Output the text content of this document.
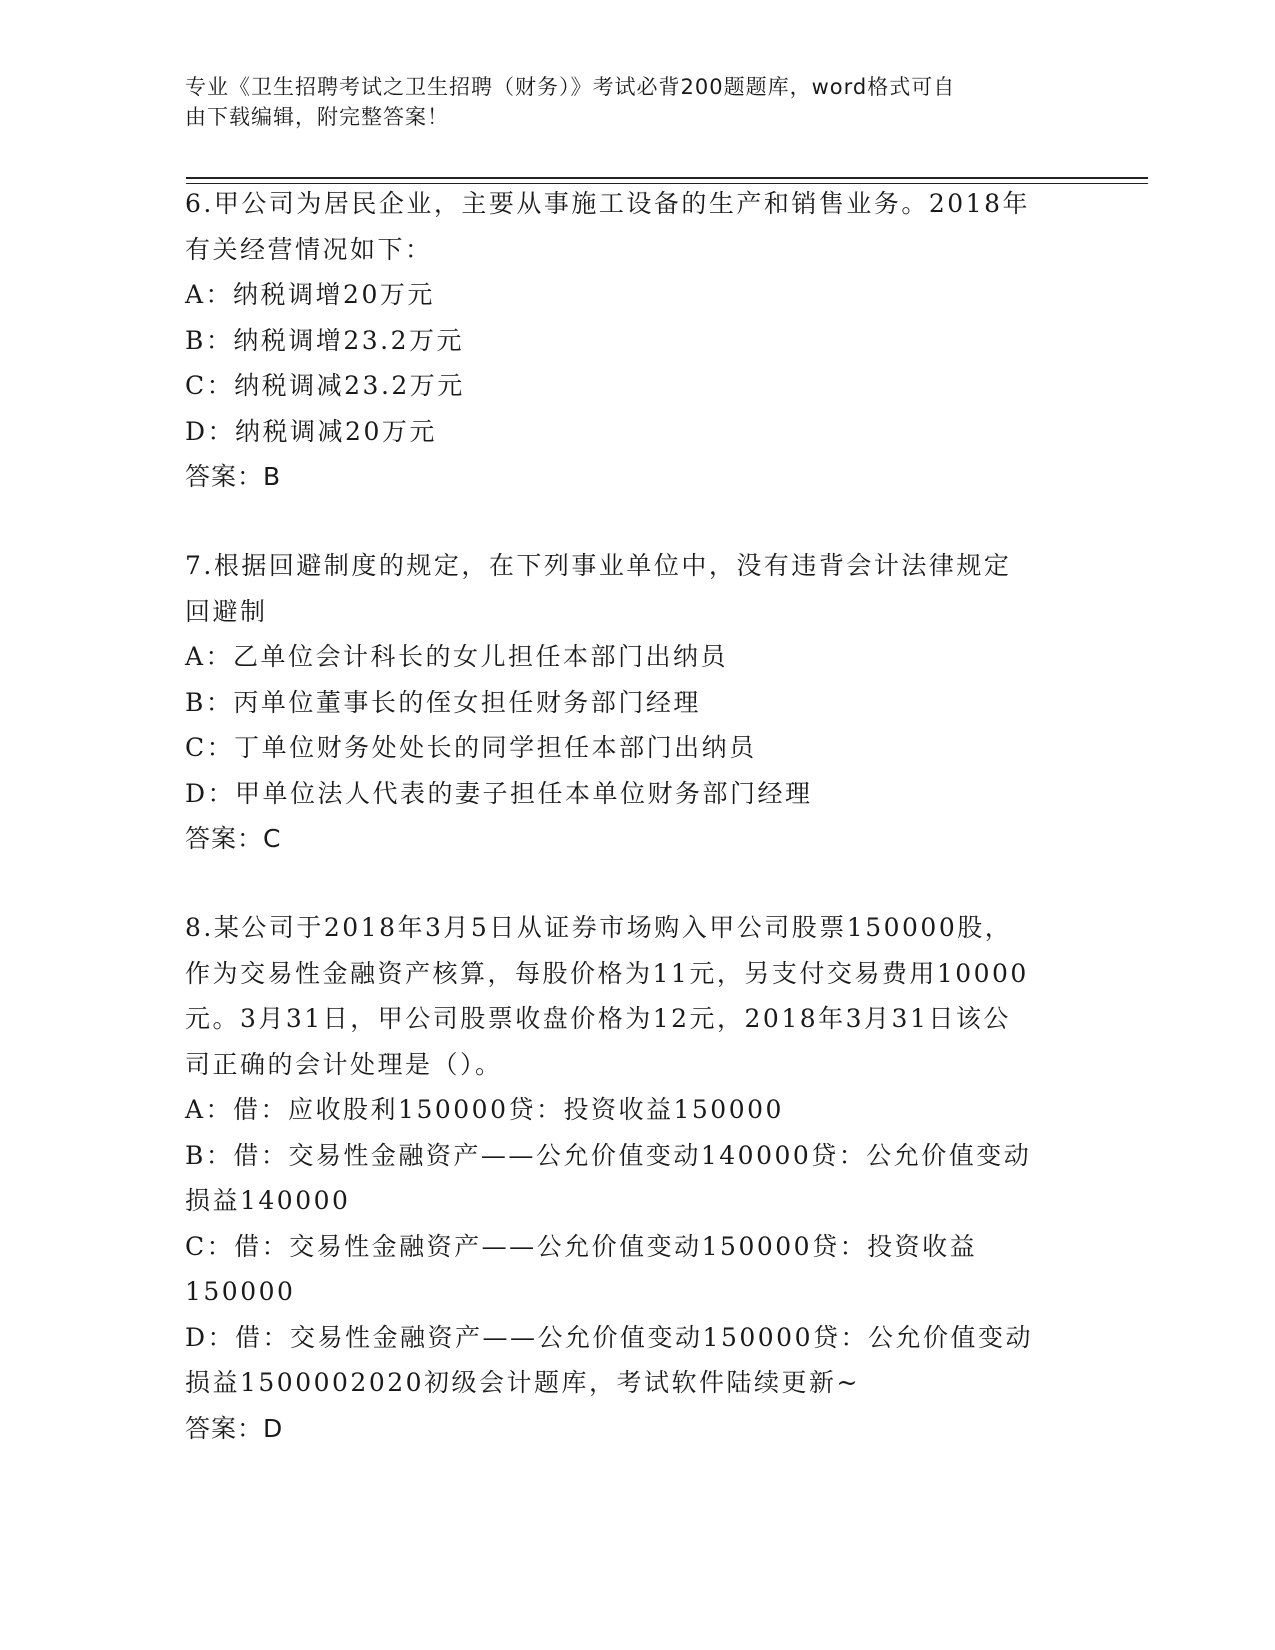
专业《卫生招聘考试之卫生招聘（财务）》考试必背200题题库，word格式可自
由下载编辑，附完整答案！
6.甲公司为居民企业，主要从事施工设备的生产和销售业务。2018年
有关经营情况如下：
A：纳税调增20万元
B：纳税调增23.2万元
C：纳税调减23.2万元
D：纳税调减20万元
答案：B
7.根据回避制度的规定，在下列事业单位中，没有违背会计法律规定
回避制
A：乙单位会计科长的女儿担任本部门出纳员
B：丙单位董事长的侄女担任财务部门经理
C：丁单位财务处处长的同学担任本部门出纳员
D：甲单位法人代表的妻子担任本单位财务部门经理
答案：C
8.某公司于2018年3月5日从证券市场购入甲公司股票150000股，
作为交易性金融资产核算，每股价格为11元，另支付交易费用10000
元。3月31日，甲公司股票收盘价格为12元，2018年3月31日该公
司正确的会计处理是（）。
A：借：应收股利150000贷：投资收益150000
B：借：交易性金融资产——公允价值变动140000贷：公允价值变动
损益140000
C：借：交易性金融资产——公允价值变动150000贷：投资收益
150000
D：借：交易性金融资产——公允价值变动150000贷：公允价值变动
损益1500002020初级会计题库，考试软件陆续更新~
答案：D
